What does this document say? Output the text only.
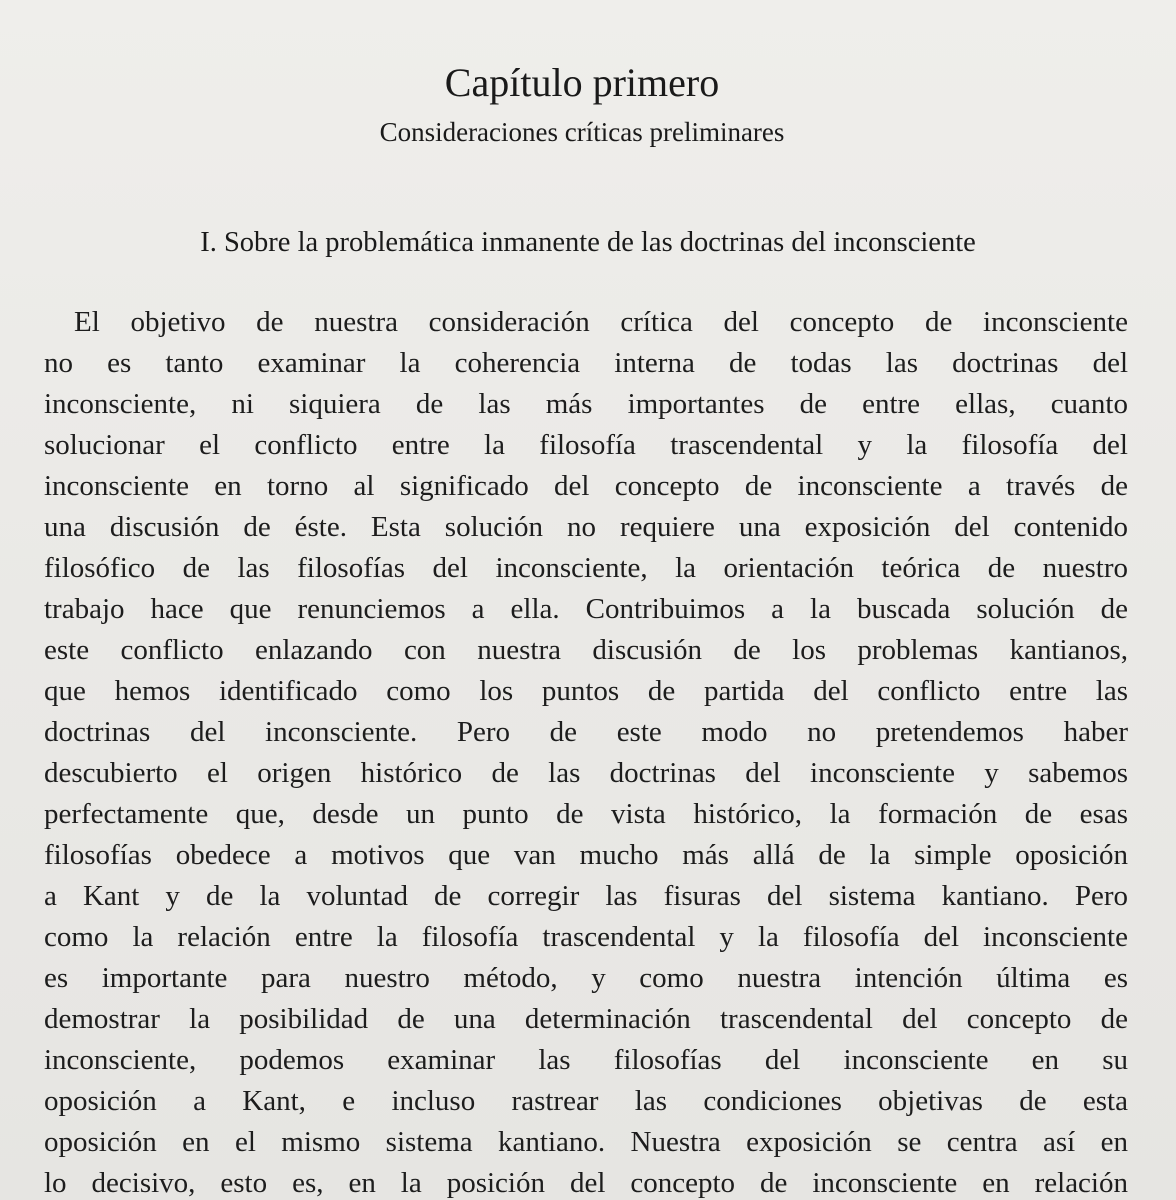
Capítulo primero
Consideraciones críticas preliminares
I. Sobre la problemática inmanente de las doctrinas del inconsciente
El objetivo de nuestra consideración crítica del concepto de inconsciente
no es tanto examinar la coherencia interna de todas las doctrinas del
inconsciente, ni siquiera de las más importantes de entre ellas, cuanto
solucionar el conflicto entre la filosofía trascendental y la filosofía del
inconsciente en torno al significado del concepto de inconsciente a través de
una discusión de éste. Esta solución no requiere una exposición del contenido
filosófico de las filosofías del inconsciente, la orientación teórica de nuestro
trabajo hace que renunciemos a ella. Contribuimos a la buscada solución de
este conflicto enlazando con nuestra discusión de los problemas kantianos,
que hemos identificado como los puntos de partida del conflicto entre las
doctrinas del inconsciente. Pero de este modo no pretendemos haber
descubierto el origen histórico de las doctrinas del inconsciente y sabemos
perfectamente que, desde un punto de vista histórico, la formación de esas
filosofías obedece a motivos que van mucho más allá de la simple oposición
a Kant y de la voluntad de corregir las fisuras del sistema kantiano. Pero
como la relación entre la filosofía trascendental y la filosofía del inconsciente
es importante para nuestro método, y como nuestra intención última es
demostrar la posibilidad de una determinación trascendental del concepto de
inconsciente, podemos examinar las filosofías del inconsciente en su
oposición a Kant, e incluso rastrear las condiciones objetivas de esta
oposición en el mismo sistema kantiano. Nuestra exposición se centra así en
lo decisivo, esto es, en la posición del concepto de inconsciente en relación
